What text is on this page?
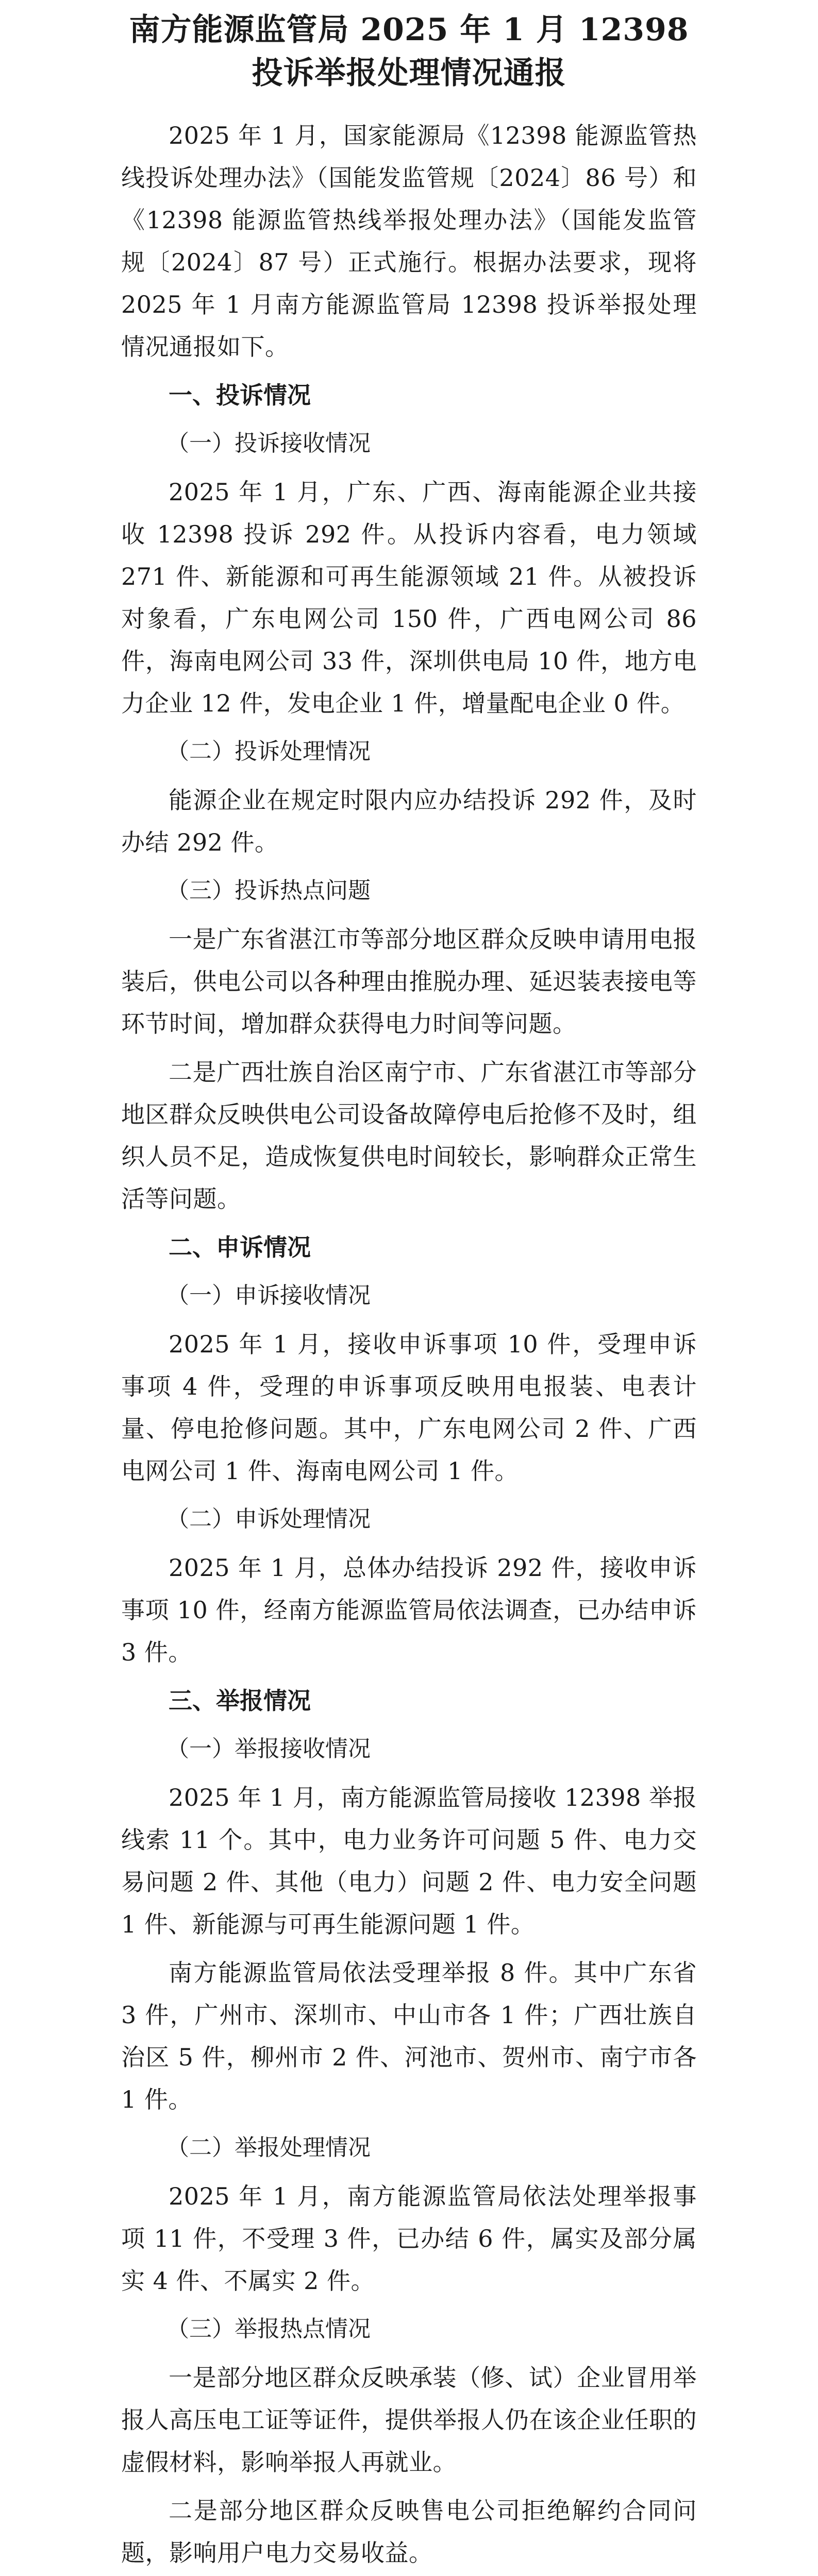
南方能源监管局 2025 年 1 月 12398
投诉举报处理情况通报

2025 年 1 月，国家能源局《12398 能源监管热线投诉处理办法》（国能发监管规〔2024〕86 号）和《12398 能源监管热线举报处理办法》（国能发监管规〔2024〕87 号）正式施行。根据办法要求，现将 2025 年 1 月南方能源监管局 12398 投诉举报处理情况通报如下。

一、投诉情况
（一）投诉接收情况

2025 年 1 月，广东、广西、海南能源企业共接收 12398 投诉 292 件。从投诉内容看，电力领域 271 件、新能源和可再生能源领域 21 件。从被投诉对象看，广东电网公司 150 件，广西电网公司 86 件，海南电网公司 33 件，深圳供电局 10 件，地方电力企业 12 件，发电企业 1 件，增量配电企业 0 件。

（二）投诉处理情况

能源企业在规定时限内应办结投诉 292 件，及时办结 292 件。

（三）投诉热点问题

一是广东省湛江市等部分地区群众反映申请用电报装后，供电公司以各种理由推脱办理、延迟装表接电等环节时间，增加群众获得电力时间等问题。

二是广西壮族自治区南宁市、广东省湛江市等部分地区群众反映供电公司设备故障停电后抢修不及时，组织人员不足，造成恢复供电时间较长，影响群众正常生活等问题。

二、申诉情况
（一）申诉接收情况

2025 年 1 月，接收申诉事项 10 件，受理申诉事项 4 件，受理的申诉事项反映用电报装、电表计量、停电抢修问题。其中，广东电网公司 2 件、广西电网公司 1 件、海南电网公司 1 件。

（二）申诉处理情况

2025 年 1 月，总体办结投诉 292 件，接收申诉事项 10 件，经南方能源监管局依法调查，已办结申诉 3 件。

三、举报情况
（一）举报接收情况

2025 年 1 月，南方能源监管局接收 12398 举报线索 11 个。其中，电力业务许可问题 5 件、电力交易问题 2 件、其他（电力）问题 2 件、电力安全问题 1 件、新能源与可再生能源问题 1 件。

南方能源监管局依法受理举报 8 件。其中广东省 3 件，广州市、深圳市、中山市各 1 件；广西壮族自治区 5 件，柳州市 2 件、河池市、贺州市、南宁市各 1 件。

（二）举报处理情况

2025 年 1 月，南方能源监管局依法处理举报事项 11 件，不受理 3 件，已办结 6 件，属实及部分属实 4 件、不属实 2 件。

（三）举报热点情况

一是部分地区群众反映承装（修、试）企业冒用举报人高压电工证等证件，提供举报人仍在该企业任职的虚假材料，影响举报人再就业。

二是部分地区群众反映售电公司拒绝解约合同问题，影响用户电力交易收益。
